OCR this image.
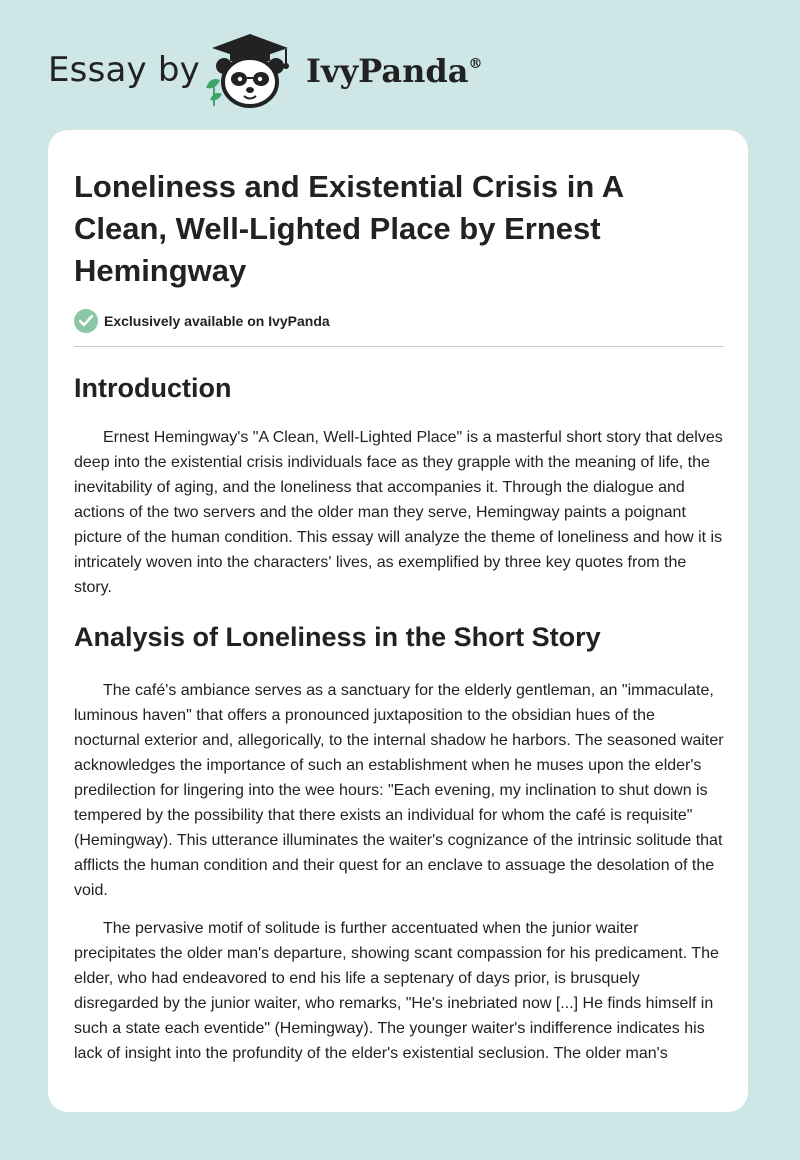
Essay by	IvyPanda®
Loneliness and Existential Crisis in A Clean, Well-Lighted Place by Ernest Hemingway
Exclusively available on IvyPanda
Introduction

Ernest Hemingway's "A Clean, Well-Lighted Place" is a masterful short story that delves deep into the existential crisis individuals face as they grapple with the meaning of life, the inevitability of aging, and the loneliness that accompanies it. Through the dialogue and actions of the two servers and the older man they serve, Hemingway paints a poignant picture of the human condition. This essay will analyze the theme of loneliness and how it is intricately woven into the characters' lives, as exemplified by three key quotes from the story.

Analysis of Loneliness in the Short Story

The café's ambiance serves as a sanctuary for the elderly gentleman, an "immaculate, luminous haven" that offers a pronounced juxtaposition to the obsidian hues of the nocturnal exterior and, allegorically, to the internal shadow he harbors. The seasoned waiter acknowledges the importance of such an establishment when he muses upon the elder's predilection for lingering into the wee hours: "Each evening, my inclination to shut down is tempered by the possibility that there exists an individual for whom the café is requisite" (Hemingway). This utterance illuminates the waiter's cognizance of the intrinsic solitude that afflicts the human condition and their quest for an enclave to assuage the desolation of the void.

The pervasive motif of solitude is further accentuated when the junior waiter precipitates the older man's departure, showing scant compassion for his predicament. The elder, who had endeavored to end his life a septenary of days prior, is brusquely disregarded by the junior waiter, who remarks, "He's inebriated now [...] He finds himself in such a state each eventide" (Hemingway). The younger waiter's indifference indicates his lack of insight into the profundity of the elder's existential seclusion. The older man's
